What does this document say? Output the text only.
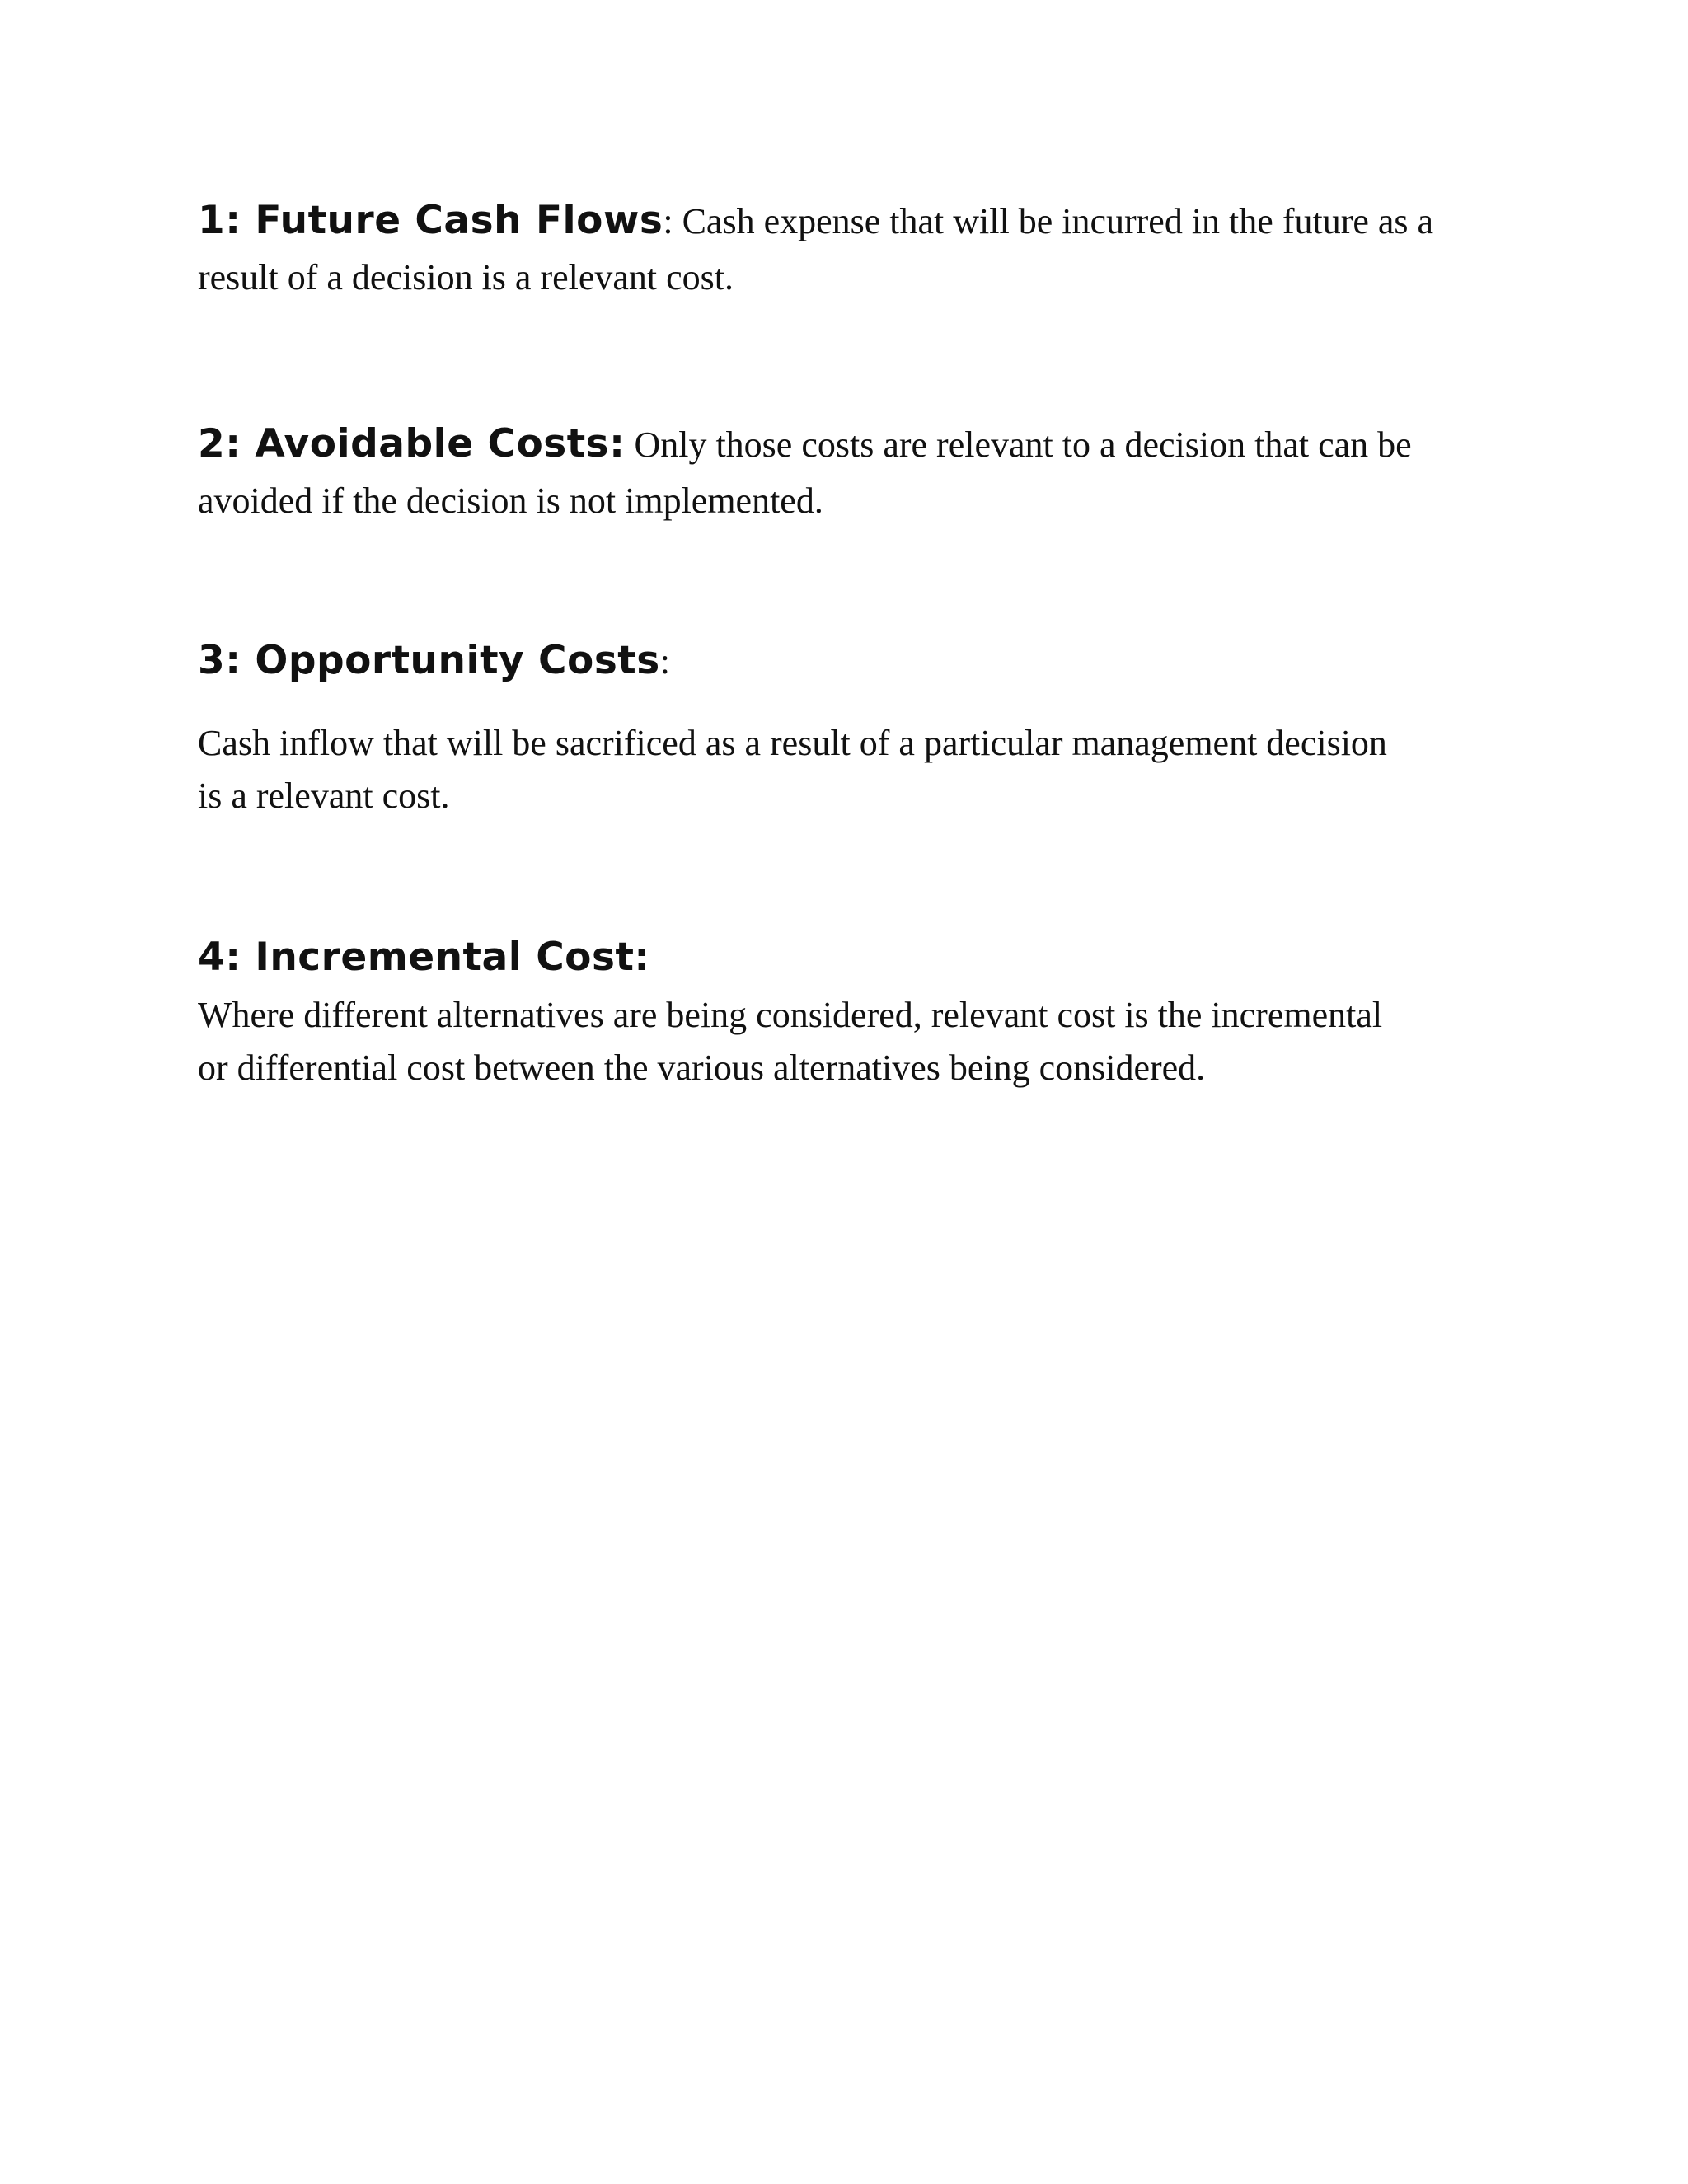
1: Future Cash Flows: Cash expense that will be incurred in the future as a
result of a decision is a relevant cost.
2: Avoidable Costs: Only those costs are relevant to a decision that can be
avoided if the decision is not implemented.
3: Opportunity Costs:
Cash inflow that will be sacrificed as a result of a particular management decision
is a relevant cost.
4: Incremental Cost:
Where different alternatives are being considered, relevant cost is the incremental
or differential cost between the various alternatives being considered.
